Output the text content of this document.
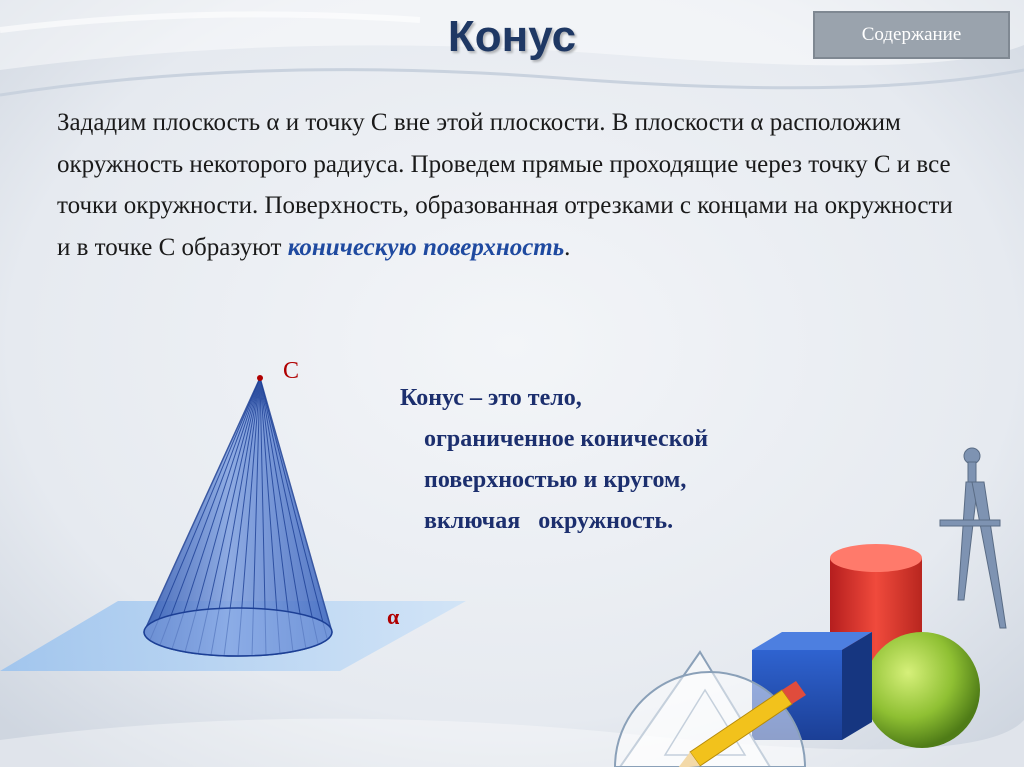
Конус	Содержание
Зададим плоскость α и точку С вне этой плоскости. В плоскости α расположим окружность некоторого радиуса. Проведем прямые проходящие через точку С и все точки окружности. Поверхность, образованная отрезками с концами на окружности и в точке С образуют коническую поверхность.
Конус – это тело,
ограниченное конической
поверхностью и кругом,
включая   окружность.
С
α
